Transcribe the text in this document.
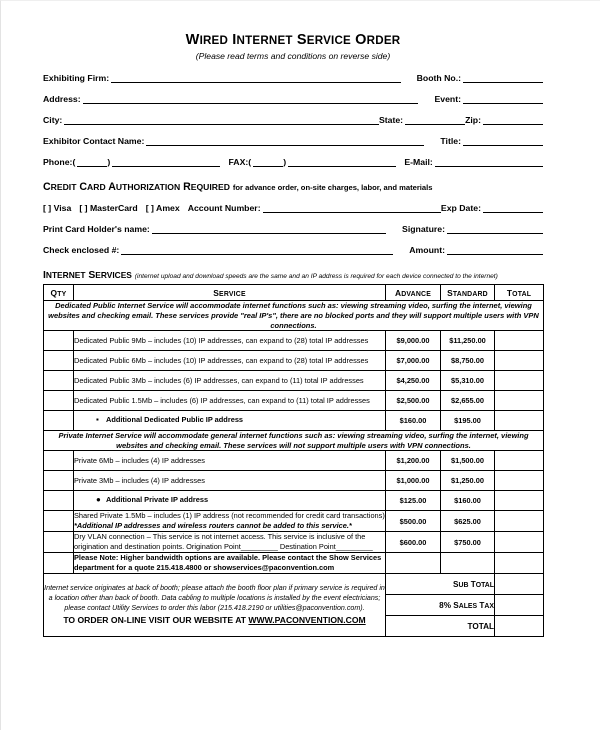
WIRED INTERNET SERVICE ORDER
(Please read terms and conditions on reverse side)
Exhibiting Firm:	Booth No.:
Address:	Event:
City:	State:	Zip:
Exhibitor Contact Name:	Title:
Phone: (	)	FAX: (	)	E-Mail:
CREDIT CARD AUTHORIZATION REQUIRED for advance order, on-site charges, labor, and materials
[ ] Visa [ ] MasterCard [ ] Amex Account Number:	Exp Date:
Print Card Holder's name:	Signature:
Check enclosed #:	Amount:
INTERNET SERVICES (internet upload and download speeds are the same and an IP address is required for each device connected to the internet)
QTY	SERVICE	ADVANCE	STANDARD	TOTAL
Dedicated Public Internet Service will accommodate internet functions such as: viewing streaming video, surfing the internet, viewing websites and checking email. These services provide "real IP's", there are no blocked ports and they will support multiple users with VPN connections.				
	Dedicated Public 9Mb – includes (10) IP addresses, can expand to (28) total IP addresses	$9,000.00	$11,250.00	
	Dedicated Public 6Mb – includes (10) IP addresses, can expand to (28) total IP addresses	$7,000.00	$8,750.00	
	Dedicated Public 3Mb – includes (6) IP addresses, can expand to (11) total IP addresses	$4,250.00	$5,310.00	
	Dedicated Public 1.5Mb – includes (6) IP addresses, can expand to (11) total IP addresses	$2,500.00	$2,655.00	
	▪ Additional Dedicated Public IP address	$160.00	$195.00	
Private Internet Service will accommodate general internet functions such as: viewing streaming video, surfing the internet, viewing websites and checking email. These services will not support multiple users with VPN connections.				
	Private 6Mb – includes (4) IP addresses	$1,200.00	$1,500.00	
	Private 3Mb – includes (4) IP addresses	$1,000.00	$1,250.00	
	● Additional Private IP address	$125.00	$160.00	
	Shared Private 1.5Mb – includes (1) IP address (not recommended for credit card transactions)
*Additional IP addresses and wireless routers cannot be added to this service.*	$500.00	$625.00	
	Dry VLAN connection – This service is not internet access. This service is inclusive of the origination and destination points. Origination Point_________ Destination Point_________	$600.00	$750.00	
	Please Note: Higher bandwidth options are available. Please contact the Show Services department for a quote 215.418.4800 or showservices@paconvention.com			
Internet service originates at back of booth; please attach the booth floor plan if primary service is required in a location other than back of booth. Data cabling to multiple locations is installed by the event electricians; please contact Utility Services to order this labor (215.418.2190 or utilities@paconvention.com).
TO ORDER ON-LINE VISIT OUR WEBSITE AT WWW.PACONVENTION.COM		SUB TOTAL		
		8% SALES TAX		
		TOTAL		
